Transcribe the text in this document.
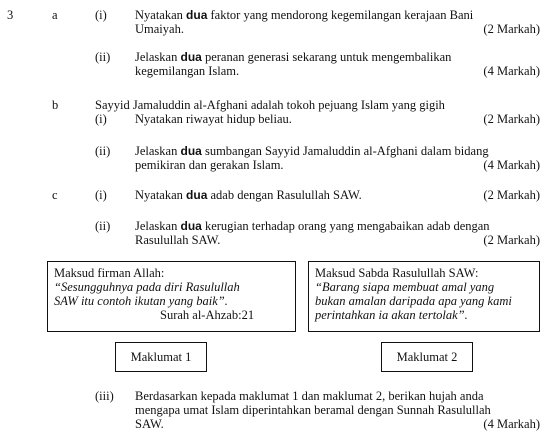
3	a	(i) Nyatakan dua faktor yang mendorong kegemilangan kerajaan Bani
Umaiyah.	(2 Markah)
(ii) Jelaskan dua peranan generasi sekarang untuk mengembalikan
kegemilangan Islam.	(4 Markah)
b	Sayyid Jamaluddin al-Afghani adalah tokoh pejuang Islam yang gigih
(i) Nyatakan riwayat hidup beliau.	(2 Markah)
(ii) Jelaskan dua sumbangan Sayyid Jamaluddin al-Afghani dalam bidang
pemikiran dan gerakan Islam.	(4 Markah)
c	(i) Nyatakan dua adab dengan Rasulullah SAW.	(2 Markah)
(ii) Jelaskan dua kerugian terhadap orang yang mengabaikan adab dengan
Rasulullah SAW.	(2 Markah)
Maksud firman Allah:
“Sesungguhnya pada diri Rasulullah
SAW itu contoh ikutan yang baik”.
Surah al-Ahzab:21
Maksud Sabda Rasulullah SAW:
“Barang siapa membuat amal yang
bukan amalan daripada apa yang kami
perintahkan ia akan tertolak”.
Maklumat 1	Maklumat 2
(iii) Berdasarkan kepada maklumat 1 dan maklumat 2, berikan hujah anda
mengapa umat Islam diperintahkan beramal dengan Sunnah Rasulullah
SAW.	(4 Markah)
